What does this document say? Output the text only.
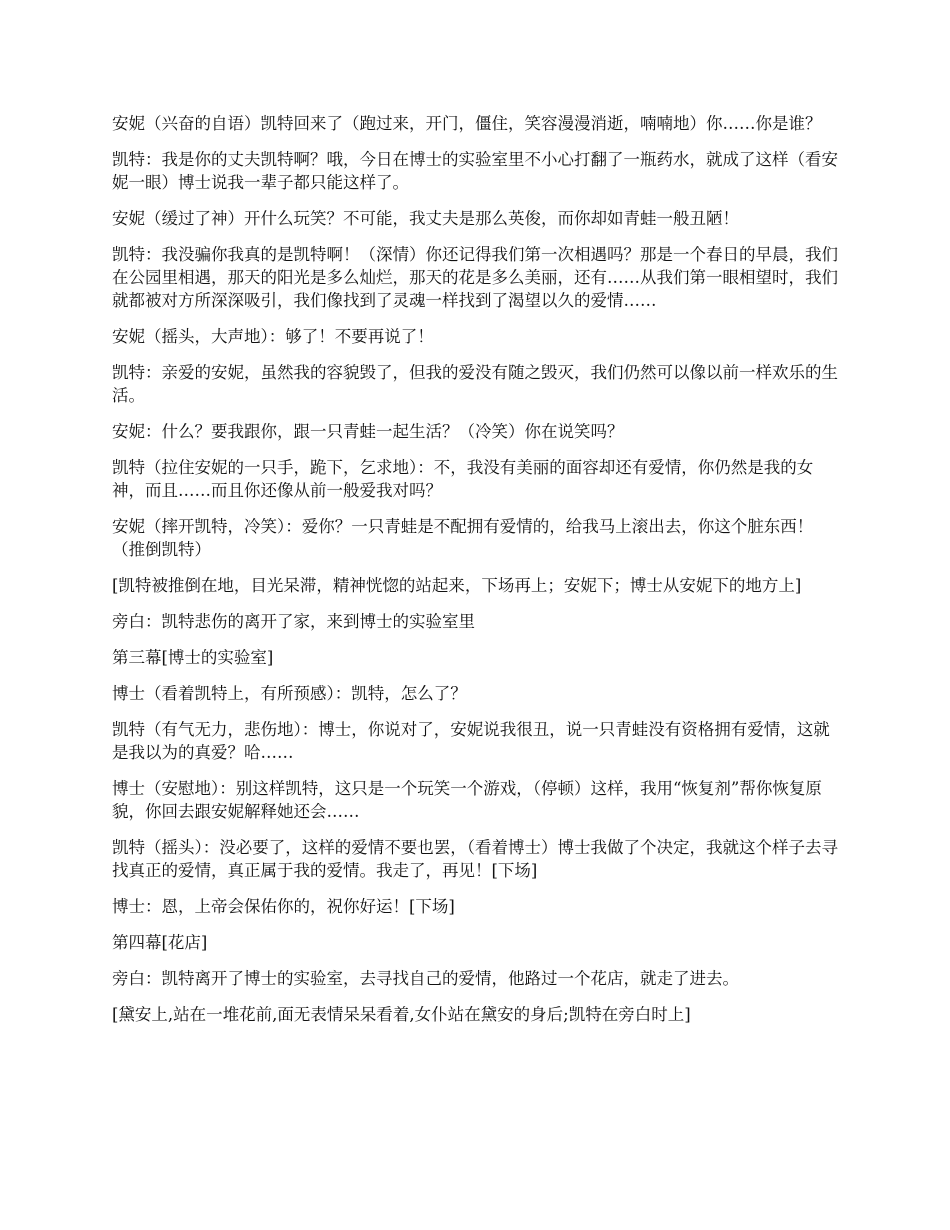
安妮（兴奋的自语）凯特回来了（跑过来，开门，僵住，笑容漫漫消逝，喃喃地）你……你是谁？

凯特：我是你的丈夫凯特啊？哦，今日在博士的实验室里不小心打翻了一瓶药水，就成了这样（看安妮一眼）博士说我一辈子都只能这样了。

安妮（缓过了神）开什么玩笑？不可能，我丈夫是那么英俊，而你却如青蛙一般丑陋！

凯特：我没骗你我真的是凯特啊！（深情）你还记得我们第一次相遇吗？那是一个春日的早晨，我们在公园里相遇，那天的阳光是多么灿烂，那天的花是多么美丽，还有……从我们第一眼相望时，我们就都被对方所深深吸引，我们像找到了灵魂一样找到了渴望以久的爱情……

安妮（摇头，大声地）：够了！不要再说了！

凯特：亲爱的安妮，虽然我的容貌毁了，但我的爱没有随之毁灭，我们仍然可以像以前一样欢乐的生活。

安妮：什么？要我跟你，跟一只青蛙一起生活？（冷笑）你在说笑吗？

凯特（拉住安妮的一只手，跪下，乞求地）：不，我没有美丽的面容却还有爱情，你仍然是我的女神，而且……而且你还像从前一般爱我对吗？

安妮（摔开凯特，冷笑）：爱你？一只青蛙是不配拥有爱情的，给我马上滚出去，你这个脏东西！（推倒凯特）

[凯特被推倒在地，目光呆滞，精神恍惚的站起来，下场再上；安妮下；博士从安妮下的地方上]

旁白：凯特悲伤的离开了家，来到博士的实验室里

第三幕[博士的实验室]

博士（看着凯特上，有所预感）：凯特，怎么了？

凯特（有气无力，悲伤地）：博士，你说对了，安妮说我很丑，说一只青蛙没有资格拥有爱情，这就是我以为的真爱？哈……

博士（安慰地）：别这样凯特，这只是一个玩笑一个游戏，（停顿）这样，我用“恢复剂”帮你恢复原貌，你回去跟安妮解释她还会……

凯特（摇头）：没必要了，这样的爱情不要也罢，（看着博士）博士我做了个决定，我就这个样子去寻找真正的爱情，真正属于我的爱情。我走了，再见！[下场]

博士：恩，上帝会保佑你的，祝你好运！[下场]

第四幕[花店]

旁白：凯特离开了博士的实验室，去寻找自己的爱情，他路过一个花店，就走了进去。

[黛安上,站在一堆花前,面无表情呆呆看着,女仆站在黛安的身后;凯特在旁白时上]
